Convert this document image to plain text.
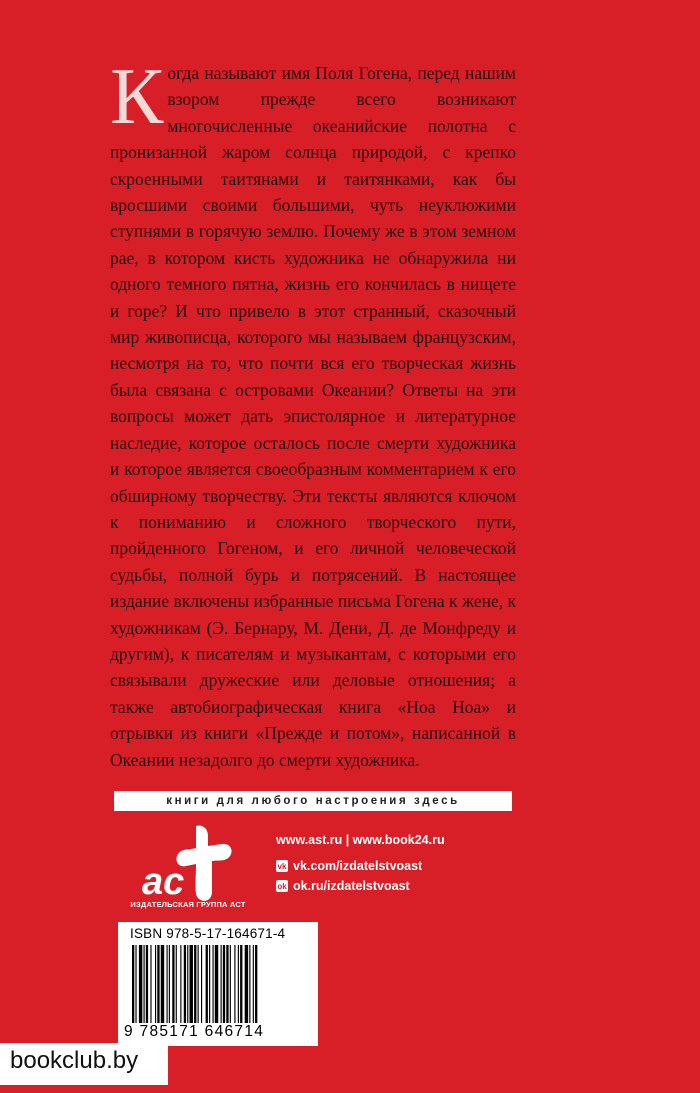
К огда называют имя Поля Гогена, перед нашим взором прежде всего возникают многочисленные океанийские полотна с пронизанной жаром солнца природой, с крепко скроенными таитянами и таитянками, как бы вросшими своими большими, чуть неуклюжими ступнями в горячую землю. Почему же в этом земном рае, в котором кисть художника не обнаружила ни одного темного пятна, жизнь его кончилась в нищете и горе? И что привело в этот странный, сказочный мир живописца, которого мы называем французским, несмотря на то, что почти вся его творческая жизнь была связана с островами Океании? Ответы на эти вопросы может дать эпистолярное и литературное наследие, которое осталось после смерти художника и которое является своеобразным комментарием к его обширному творчеству. Эти тексты являются ключом к пониманию и сложного творческого пути, пройденного Гогеном, и его личной человеческой судьбы, полной бурь и потрясений. В настоящее издание включены избранные письма Гогена к жене, к художникам (Э. Бернару, М. Дени, Д. де Монфреду и другим), к писателям и музыкантам, с которыми его связывали дружеские или деловые отношения; а также автобиографическая книга «Ноа Ноа» и отрывки из книги «Прежде и потом», написанной в Океании незадолго до смерти художника.

книги для любого настроения здесь
ac
ИЗДАТЕЛЬСКАЯ ГРУППА АСТ
www.ast.ru | www.book24.ru
vk vk.com/izdatelstvoast
ok ok.ru/izdatelstvoast
ISBN 978-5-17-164671-4
9 785171 646714
bookclub.by
